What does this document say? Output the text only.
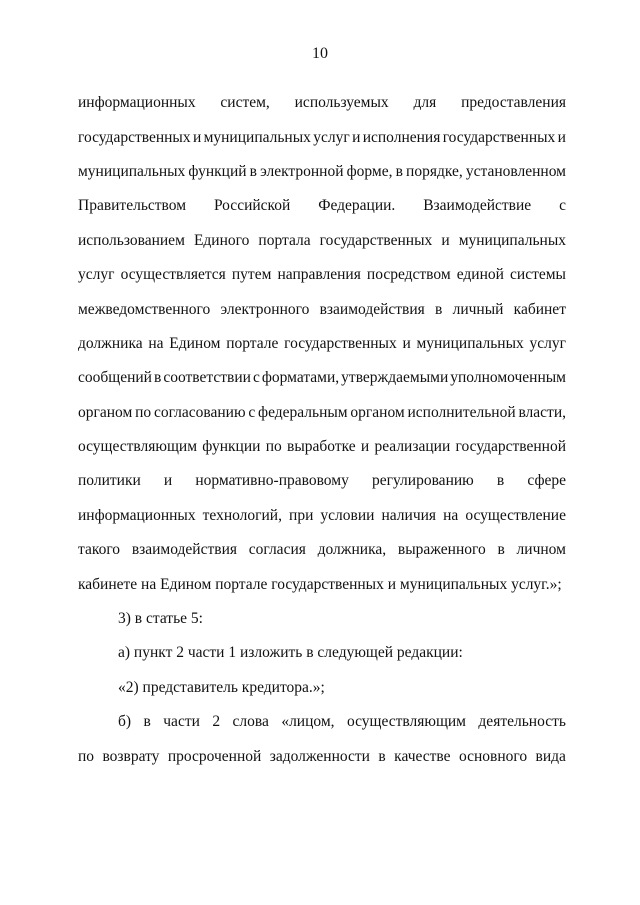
10
информационных систем, используемых для предоставления
государственных и муниципальных услуг и исполнения государственных и
муниципальных функций в электронной форме, в порядке, установленном
Правительством Российской Федерации. Взаимодействие с
использованием Единого портала государственных и муниципальных
услуг осуществляется путем направления посредством единой системы
межведомственного электронного взаимодействия в личный кабинет
должника на Едином портале государственных и муниципальных услуг
сообщений в соответствии с форматами, утверждаемыми уполномоченным
органом по согласованию с федеральным органом исполнительной власти,
осуществляющим функции по выработке и реализации государственной
политики и нормативно-правовому регулированию в сфере
информационных технологий, при условии наличия на осуществление
такого взаимодействия согласия должника, выраженного в личном
кабинете на Едином портале государственных и муниципальных услуг.»;
3) в статье 5:
а) пункт 2 части 1 изложить в следующей редакции:
«2) представитель кредитора.»;
б) в части 2 слова «лицом, осуществляющим деятельность
по возврату просроченной задолженности в качестве основного вида
